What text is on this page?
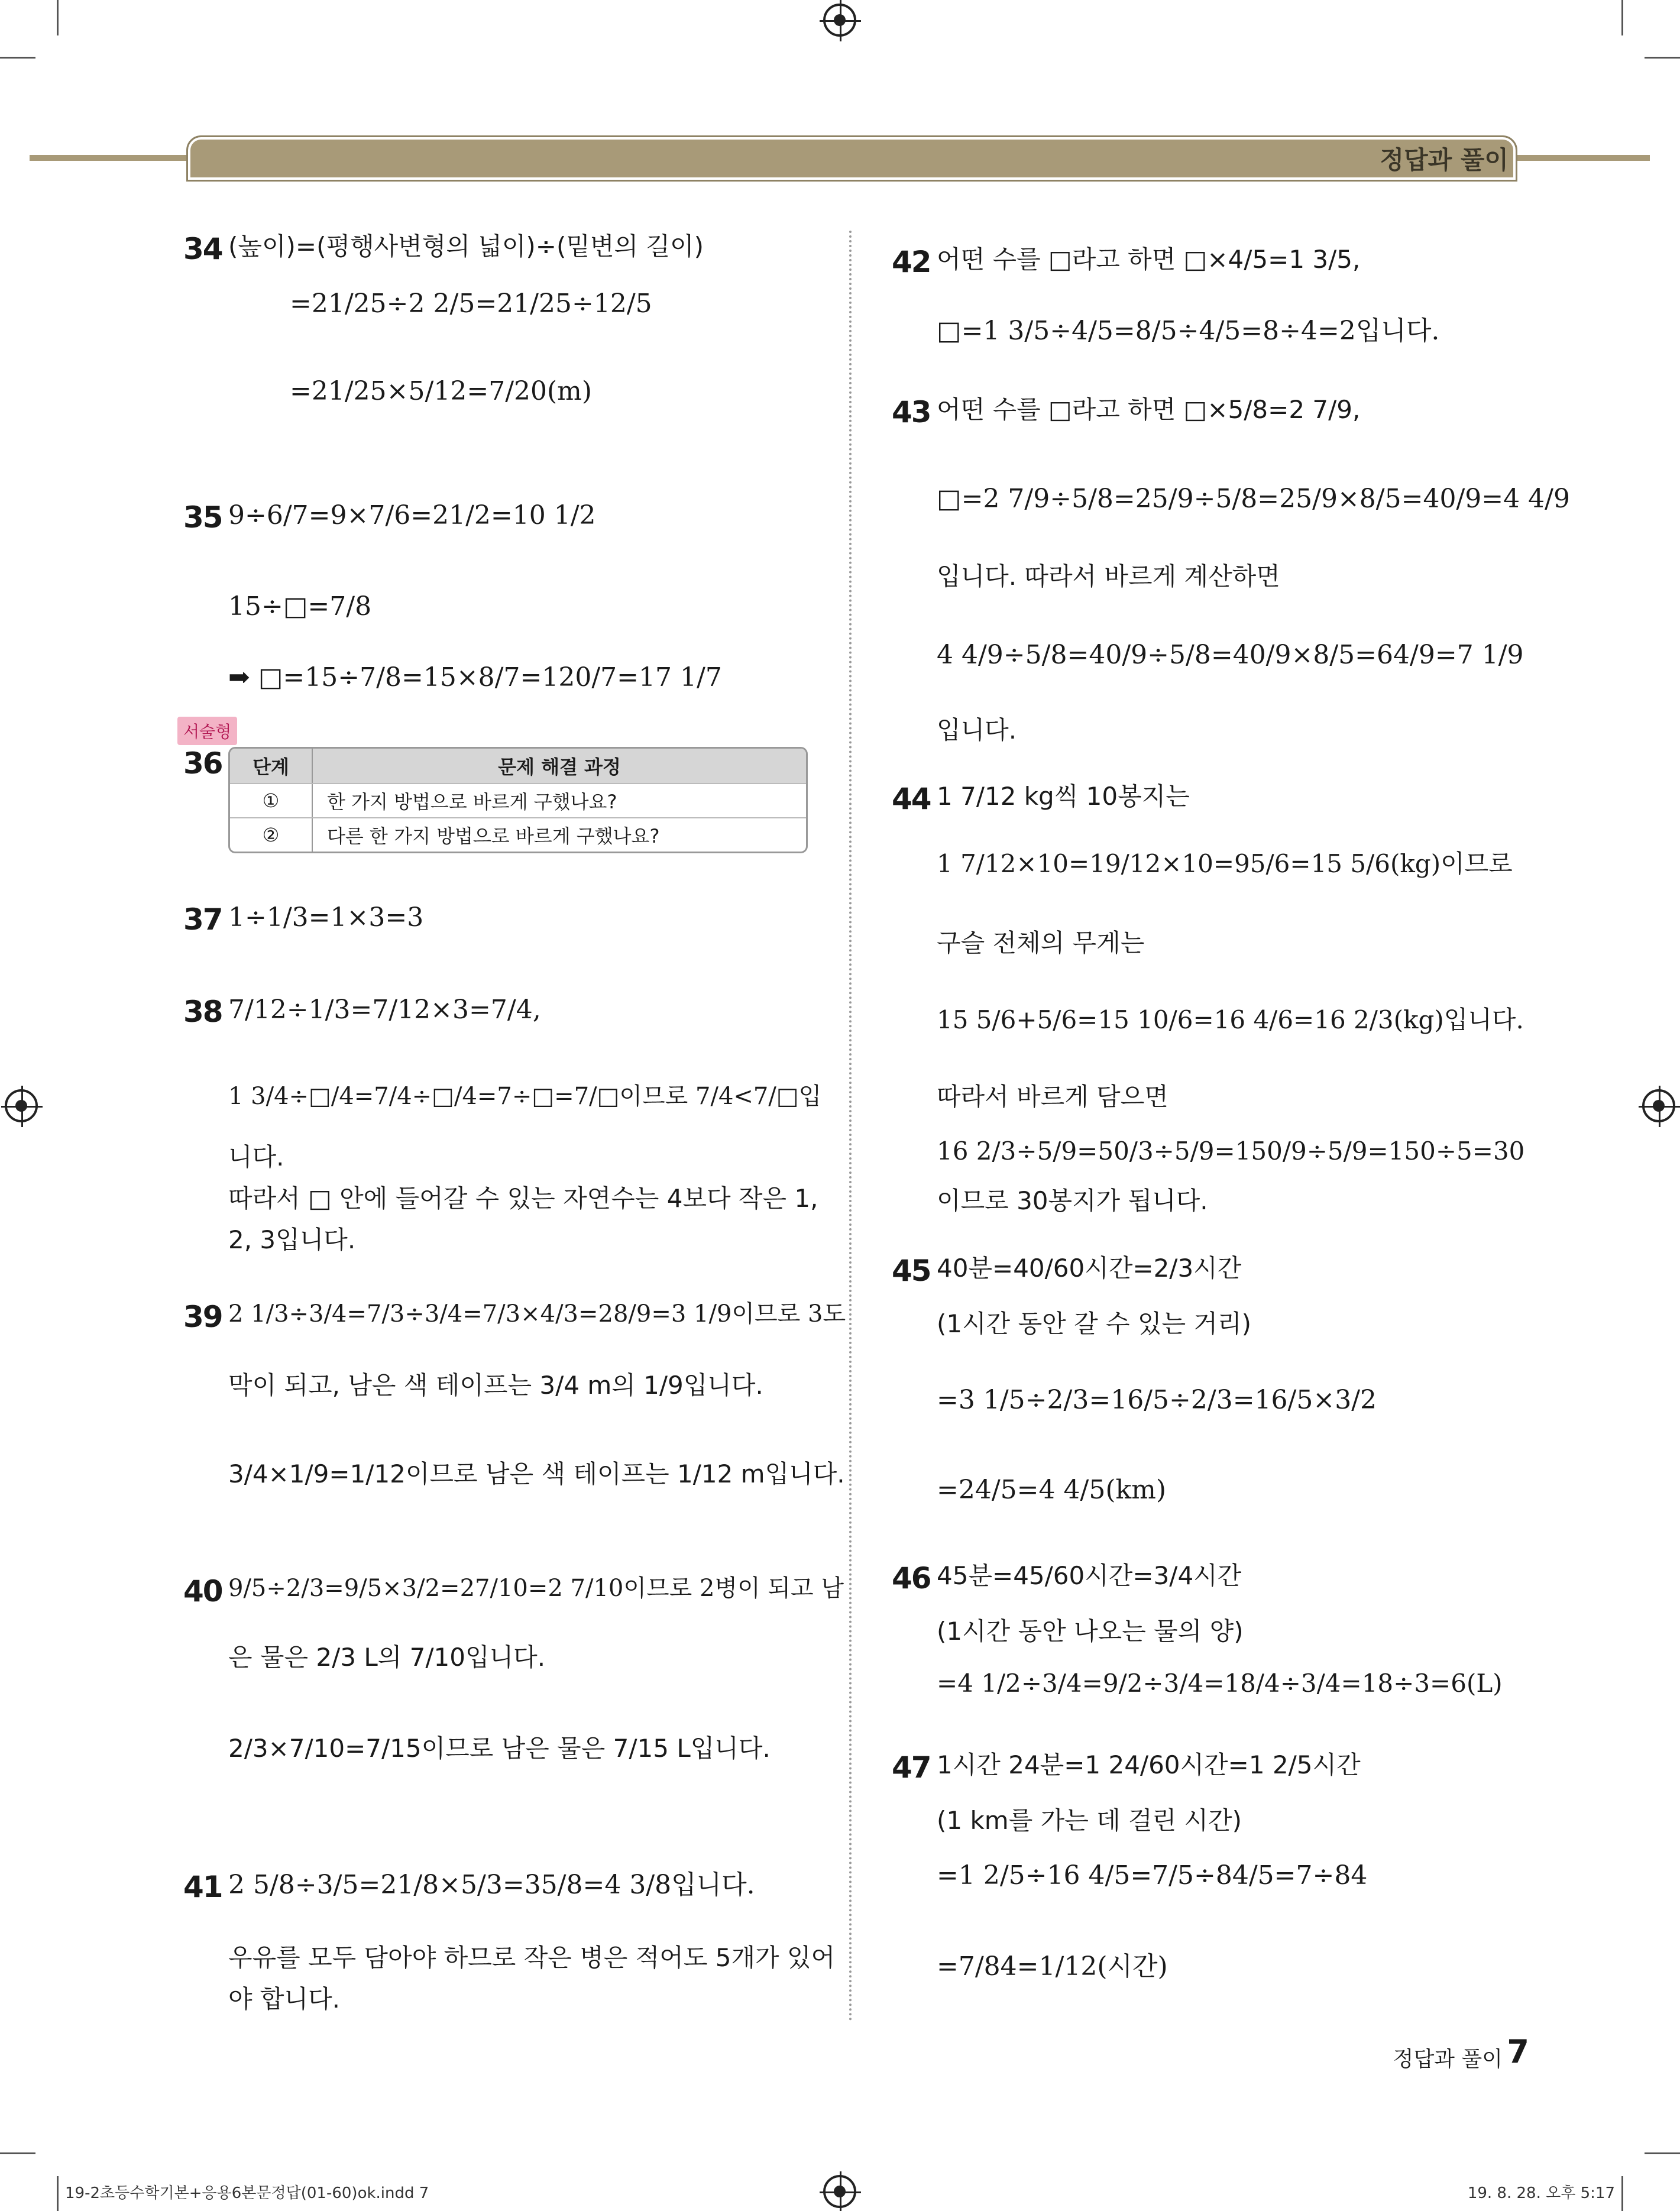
정답과 풀이
34 (높이)=(평행사변형의 넓이)÷(밑변의 길이)
=21/25÷2 2/5=21/25÷12/5
=21/25×5/12=7/20(m)
35 9÷6/7=9×7/6=21/2=10 1/2
15÷□=7/8
➡ □=15÷7/8=15×8/7=120/7=17 1/7
서술형
36	단계	문제 해결 과정
①	한 가지 방법으로 바르게 구했나요?
②	다른 한 가지 방법으로 바르게 구했나요?
37 1÷1/3=1×3=3
38 7/12÷1/3=7/12×3=7/4,
1 3/4÷□/4=7/4÷□/4=7÷□=7/□이므로 7/4<7/□입
니다.
따라서 □ 안에 들어갈 수 있는 자연수는 4보다 작은 1,
2, 3입니다.
39 2 1/3÷3/4=7/3÷3/4=7/3×4/3=28/9=3 1/9이므로 3도
막이 되고, 남은 색 테이프는 3/4 m의 1/9입니다.
3/4×1/9=1/12이므로 남은 색 테이프는 1/12 m입니다.
40 9/5÷2/3=9/5×3/2=27/10=2 7/10이므로 2병이 되고 남
은 물은 2/3 L의 7/10입니다.
2/3×7/10=7/15이므로 남은 물은 7/15 L입니다.
41 2 5/8÷3/5=21/8×5/3=35/8=4 3/8입니다.
우유를 모두 담아야 하므로 작은 병은 적어도 5개가 있어
야 합니다.
42 어떤 수를 □라고 하면 □×4/5=1 3/5,
□=1 3/5÷4/5=8/5÷4/5=8÷4=2입니다.
43 어떤 수를 □라고 하면 □×5/8=2 7/9,
□=2 7/9÷5/8=25/9÷5/8=25/9×8/5=40/9=4 4/9
입니다. 따라서 바르게 계산하면
4 4/9÷5/8=40/9÷5/8=40/9×8/5=64/9=7 1/9
입니다.
44 1 7/12 kg씩 10봉지는
1 7/12×10=19/12×10=95/6=15 5/6(kg)이므로
구슬 전체의 무게는
15 5/6+5/6=15 10/6=16 4/6=16 2/3(kg)입니다.
따라서 바르게 담으면
16 2/3÷5/9=50/3÷5/9=150/9÷5/9=150÷5=30
이므로 30봉지가 됩니다.
45 40분=40/60시간=2/3시간
(1시간 동안 갈 수 있는 거리)
=3 1/5÷2/3=16/5÷2/3=16/5×3/2
=24/5=4 4/5(km)
46 45분=45/60시간=3/4시간
(1시간 동안 나오는 물의 양)
=4 1/2÷3/4=9/2÷3/4=18/4÷3/4=18÷3=6(L)
47 1시간 24분=1 24/60시간=1 2/5시간
(1 km를 가는 데 걸린 시간)
=1 2/5÷16 4/5=7/5÷84/5=7÷84
=7/84=1/12(시간)
정답과 풀이 7
19-2초등수학기본+응용6본문정답(01-60)ok.indd 7	19. 8. 28. 오후 5:17
